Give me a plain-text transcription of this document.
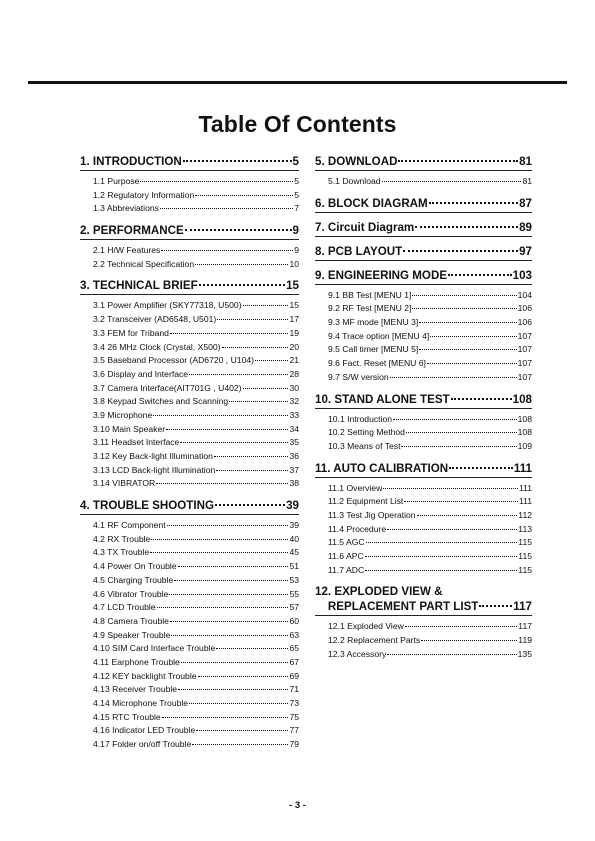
Table Of Contents
1. INTRODUCTION	5
1.1 Purpose	5
1.2 Regulatory Information	5
1.3 Abbreviations	7
2. PERFORMANCE	9
2.1 H/W Features	9
2.2 Technical Specification	10
3. TECHNICAL BRIEF	15
3.1 Power Amplifier (SKY77318, U500)	15
3.2 Transceiver (AD6548, U501)	17
3.3 FEM for Triband	19
3.4 26 MHz Clock (Crystal, X500)	20
3.5 Baseband Processor (AD6720 , U104)	21
3.6 Display and Interface	28
3.7 Camera Interface(AIT701G , U402)	30
3.8 Keypad Switches and Scanning	32
3.9 Microphone	33
3.10 Main Speaker	34
3.11 Headset Interface	35
3.12 Key Back-light Illumination	36
3.13 LCD Back-light Illumination	37
3.14 VIBRATOR	38
4. TROUBLE SHOOTING	39
4.1 RF Component	39
4.2 RX Trouble	40
4.3 TX Trouble	45
4.4 Power On Trouble	51
4.5 Charging Trouble	53
4.6 Vibrator Trouble	55
4.7 LCD Trouble	57
4.8 Camera Trouble	60
4.9 Speaker Trouble	63
4.10 SIM Card Interface Trouble	65
4.11 Earphone Trouble	67
4.12 KEY backlight Trouble	69
4.13 Receiver Trouble	71
4.14 Microphone Trouble	73
4.15 RTC Trouble	75
4.16 Indicator LED Trouble	77
4.17 Folder on/off Trouble	79
5. DOWNLOAD	81
5.1 Download	81
6. BLOCK DIAGRAM	87
7. Circuit Diagram	89
8. PCB LAYOUT	97
9. ENGINEERING MODE	103
9.1 BB Test [MENU 1]	104
9.2 RF Test [MENU 2]	106
9.3 MF mode [MENU 3]	106
9.4 Trace option [MENU 4]	107
9.5 Call timer [MENU 5]	107
9.6 Fact. Reset [MENU 6]	107
9.7 S/W version	107
10. STAND ALONE TEST	108
10.1 Introduction	108
10.2 Setting Method	108
10.3 Means of Test	109
11. AUTO CALIBRATION	111
11.1 Overview	111
11.2 Equipment List	111
11.3 Test Jig Operation	112
11.4 Procedure	113
11.5 AGC	115
11.6 APC	115
11.7 ADC	115
12. EXPLODED VIEW &
REPLACEMENT PART LIST	117
12.1 Exploded View	117
12.2 Replacement Parts	119
12.3 Accessory	135
- 3 -
